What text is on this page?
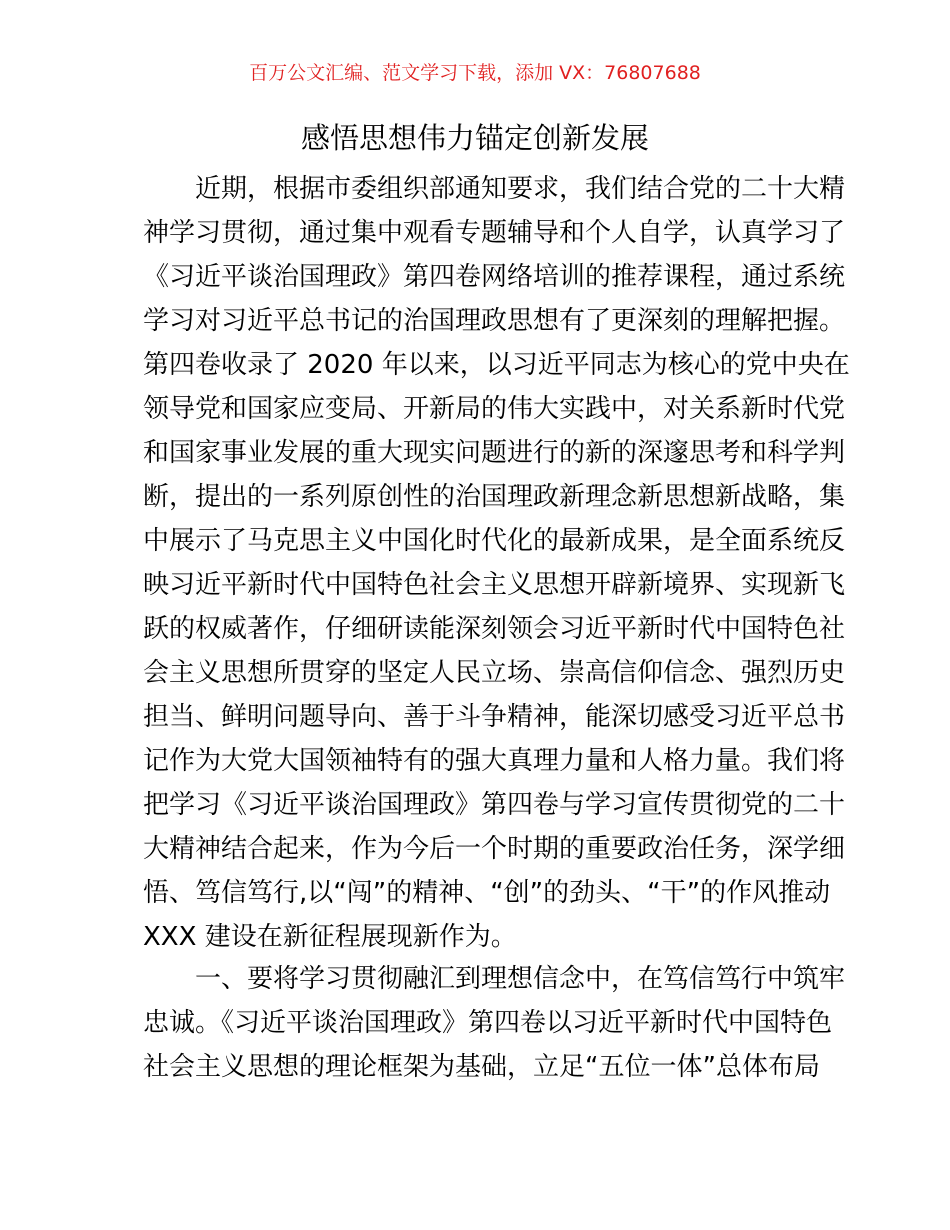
百万公文汇编、范文学习下载，添加 VX：76807688
感悟思想伟力锚定创新发展
近期，根据市委组织部通知要求，我们结合党的二十大精
神学习贯彻，通过集中观看专题辅导和个人自学，认真学习了
《习近平谈治国理政》第四卷网络培训的推荐课程，通过系统
学习对习近平总书记的治国理政思想有了更深刻的理解把握。
第四卷收录了 2020 年以来，以习近平同志为核心的党中央在
领导党和国家应变局、开新局的伟大实践中，对关系新时代党
和国家事业发展的重大现实问题进行的新的深邃思考和科学判
断，提出的一系列原创性的治国理政新理念新思想新战略，集
中展示了马克思主义中国化时代化的最新成果，是全面系统反
映习近平新时代中国特色社会主义思想开辟新境界、实现新飞
跃的权威著作，仔细研读能深刻领会习近平新时代中国特色社
会主义思想所贯穿的坚定人民立场、崇高信仰信念、强烈历史
担当、鲜明问题导向、善于斗争精神，能深切感受习近平总书
记作为大党大国领袖特有的强大真理力量和人格力量。我们将
把学习《习近平谈治国理政》第四卷与学习宣传贯彻党的二十
大精神结合起来，作为今后一个时期的重要政治任务，深学细
悟、笃信笃行,以“闯”的精神、“创”的劲头、“干”的作风推动
XXX 建设在新征程展现新作为。
一、要将学习贯彻融汇到理想信念中，在笃信笃行中筑牢
忠诚。《习近平谈治国理政》第四卷以习近平新时代中国特色
社会主义思想的理论框架为基础，立足“五位一体”总体布局
